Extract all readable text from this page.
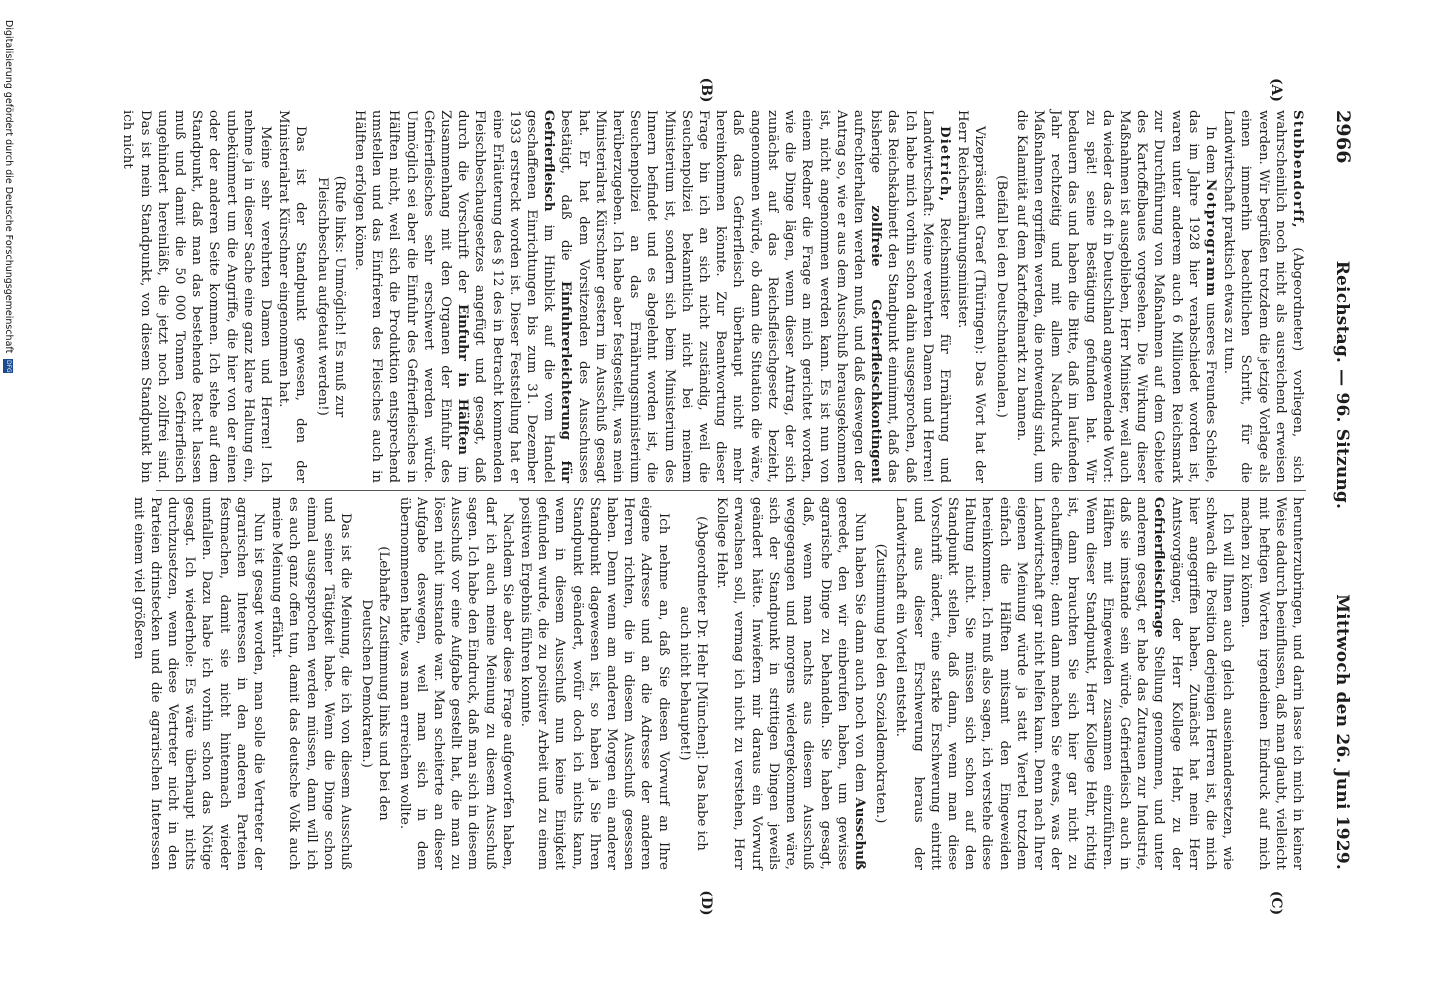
2966
Reichstag. — 96. Sitzung.
Mittwoch den 26. Juni 1929.
(A)
(B)
(C)
(D)

Stubbendorff, (Abgeordneter) vorliegen, sich wahrscheinlich noch nicht als ausreichend erweisen werden. Wir begrüßen trotzdem die jetzige Vorlage als einen immerhin beachtlichen Schritt, für die Landwirtschaft praktisch etwas zu tun.

In dem Notprogramm unseres Freundes Schiele, das im Jahre 1928 hier verabschiedet worden ist, waren unter anderem auch 6 Millionen Reichsmark zur Durchführung von Maßnahmen auf dem Gebiete des Kartoffelbaues vorgesehen. Die Wirkung dieser Maßnahmen ist ausgeblieben, Herr Minister, weil auch da wieder das oft in Deutschland angewendende Wort: zu spät! seine Bestätigung gefunden hat. Wir bedauern das und haben die Bitte, daß im laufenden Jahr rechtzeitig und mit allem Nachdruck die Maßnahmen ergriffen werden, die notwendig sind, um die Kalamität auf dem Kartoffelmarkt zu bannen.

(Beifall bei den Deutschnationalen.)

Vizepräsident Graef (Thüringen): Das Wort hat der Herr Reichsernährungsminister.

Dietrich, Reichsminister für Ernährung und Landwirtschaft: Meine verehrten Damen und Herren! Ich habe mich vorhin schon dahin ausgesprochen, daß das Reichskabinett den Standpunkt einnimmt, daß das bisherige zollfreie Gefrierfleischkontingent aufrechterhalten werden muß, und daß deswegen der Antrag so, wie er aus dem Ausschuß herausgekommen ist, nicht angenommen werden kann. Es ist nun von einem Redner die Frage an mich gerichtet worden, wie die Dinge lägen, wenn dieser Antrag, der sich zunächst auf das Reichsfleischgesetz bezieht, angenommen würde, ob dann die Situation die wäre, daß das Gefrierfleisch überhaupt nicht mehr hereinkommen könnte. Zur Beantwortung dieser Frage bin ich an sich nicht zuständig, weil die Seuchenpolizei bekanntlich nicht bei meinem Ministerium ist, sondern sich beim Ministerium des Innern befindet und es abgelehnt worden ist, die Seuchenpolizei an das Ernährungsministerium herüberzugeben. Ich habe aber festgestellt, was mein Ministerialrat Kürschner gestern im Ausschuß gesagt hat. Er hat dem Vorsitzenden des Ausschusses bestätigt, daß die Einfuhrerleichterung für Gefrierfleisch im Hinblick auf die vom Handel geschaffenen Einrichtungen bis zum 31. Dezember 1933 erstreckt worden ist. Dieser Feststellung hat er eine Erläuterung des § 12 des in Betracht kommenden Fleischbeschaugesetzes angefügt und gesagt, daß durch die Vorschrift der Einfuhr in Hälften im Zusammenhang mit den Organen der Einfuhr des Gefrierfleisches sehr erschwert werden würde. Unmöglich sei aber die Einfuhr des Gefrierfleisches in Hälften nicht, weil sich die Produktion entsprechend umstellen und das Einfrieren des Fleisches auch in Hälften erfolgen könne.

(Rufe links: Unmöglich! Es muß zur Fleischbeschau aufgetaut werden!)

Das ist der Standpunkt gewesen, den der Ministerialrat Kürschner eingenommen hat.

Meine sehr verehrten Damen und Herren! Ich nehme ja in dieser Sache eine ganz klare Haltung ein, unbekümmert um die Angriffe, die hier von der einen oder der anderen Seite kommen. Ich stehe auf dem Standpunkt, daß man das bestehende Recht lassen muß und damit die 50 000 Tonnen Gefrierfleisch ungehindert hereinläßt, die jetzt noch zollfrei sind. Das ist mein Standpunkt, von diesem Standpunkt bin ich nicht

herunterzubringen, und darin lasse ich mich in keiner Weise dadurch beeinflussen, daß man glaubt, vielleicht mit heftigen Worten irgendeinen Eindruck auf mich machen zu können.

Ich will Ihnen auch gleich auseinandersetzen, wie schwach die Position derjenigen Herren ist, die mich hier angegriffen haben. Zunächst hat mein Herr Amtsvorgänger, der Herr Kollege Hehr, zu der Gefrierfleischfrage Stellung genommen, und unter anderem gesagt, er habe das Zutrauen zur Industrie, daß sie imstande sein würde, Gefrierfleisch auch in Hälften mit Eingeweiden zusammen einzuführen. Wenn dieser Standpunkt, Herr Kollege Hehr, richtig ist, dann brauchten Sie sich hier gar nicht zu echauffieren; denn dann machen Sie etwas, was der Landwirtschaft gar nicht helfen kann. Denn nach Ihrer eigenen Meinung würde ja statt Viertel trotzdem einfach die Hälften mitsamt den Eingeweiden hereinkommen. Ich muß also sagen, ich verstehe diese Haltung nicht. Sie müssen sich schon auf den Standpunkt stellen, daß dann, wenn man diese Vorschrift ändert, eine starke Erschwerung eintritt und aus dieser Erschwerung heraus der Landwirtschaft ein Vorteil entsteht.

(Zustimmung bei den Sozialdemokraten.)

Nun haben Sie dann auch noch von dem Ausschuß geredet, den wir einberufen haben, um gewisse agrarische Dinge zu behandeln. Sie haben gesagt, daß, wenn man nachts aus diesem Ausschuß weggegangen und morgens wiedergekommen wäre, sich der Standpunkt in strittigen Dingen jeweils geändert hätte. Inwiefern mir daraus ein Vorwurf erwachsen soll, vermag ich nicht zu verstehen, Herr Kollege Hehr.

(Abgeordneter Dr. Hehr [München]: Das habe ich auch nicht behauptet!)

Ich nehme an, daß Sie diesen Vorwurf an Ihre eigene Adresse und an die Adresse der anderen Herren richten, die in diesem Ausschuß gesessen haben. Denn wenn am anderen Morgen ein anderer Standpunkt dagewesen ist, so haben ja Sie Ihren Standpunkt geändert, wofür doch ich nichts kann, wenn in diesem Ausschuß nun keine Einigkeit gefunden wurde, die zu positiver Arbeit und zu einem positiven Ergebnis führen konnte.

Nachdem Sie aber diese Frage aufgeworfen haben, darf ich auch meine Meinung zu diesem Ausschuß sagen. Ich habe den Eindruck, daß man sich in diesem Ausschuß vor eine Aufgabe gestellt hat, die man zu lösen nicht imstande war. Man scheiterte an dieser Aufgabe deswegen, weil man sich in dem übernommenen hatte, was man erreichen wollte.

(Lebhafte Zustimmung links und bei den Deutschen Demokraten.)

Das ist die Meinung, die ich von diesem Ausschuß und seiner Tätigkeit habe. Wenn die Dinge schon einmal ausgesprochen werden müssen, dann will ich es auch ganz offen tun, damit das deutsche Volk auch meine Meinung erfährt.

Nun ist gesagt worden, man solle die Vertreter der agrarischen Interessen in den anderen Parteien festmachen, damit sie nicht hintennach wieder umfallen. Dazu habe ich vorhin schon das Nötige gesagt. Ich wiederhole: Es wäre überhaupt nichts durchzusetzen, wenn diese Vertreter nicht in den Parteien drinstecken und die agrarischen Interessen mit einem viel größeren

Digitalisierung gefördert durch die Deutsche Forschungsgemeinschaft DFG
